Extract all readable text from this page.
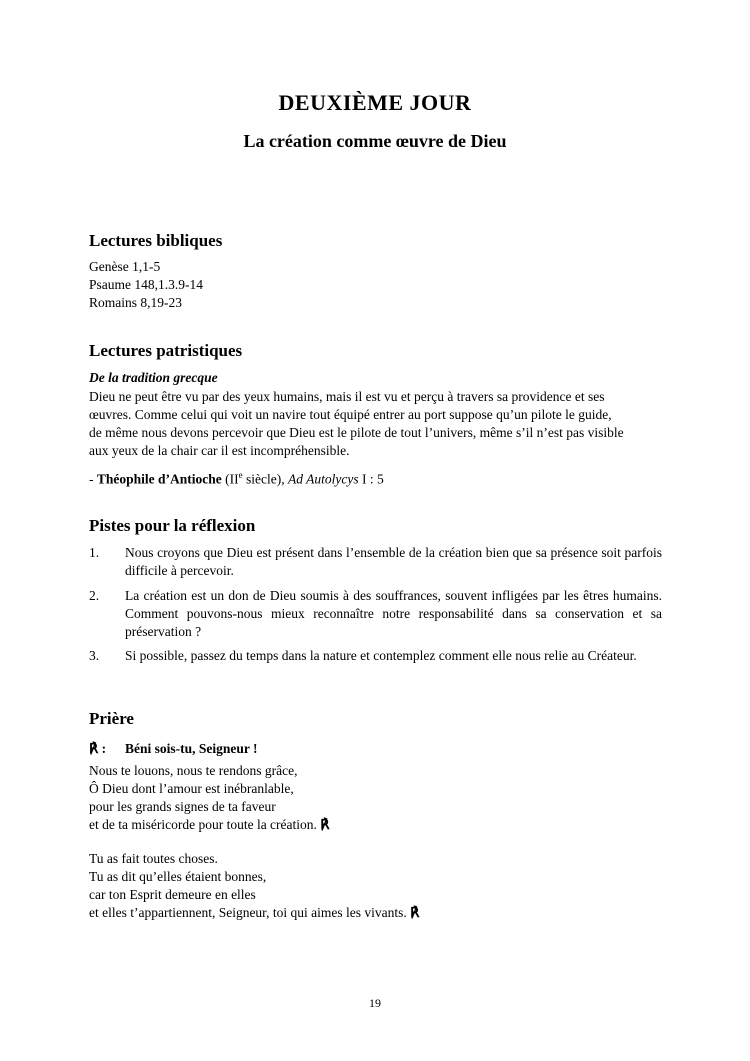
DEUXIÈME JOUR
La création comme œuvre de Dieu
Lectures bibliques
Genèse 1,1-5
Psaume 148,1.3.9-14
Romains 8,19-23
Lectures patristiques
De la tradition grecque
Dieu ne peut être vu par des yeux humains, mais il est vu et perçu à travers sa providence et ses
œuvres. Comme celui qui voit un navire tout équipé entrer au port suppose qu’un pilote le guide,
de même nous devons percevoir que Dieu est le pilote de tout l’univers, même s’il n’est pas visible
aux yeux de la chair car il est incompréhensible.
- Théophile d’Antioche (IIe siècle), Ad Autolycys I : 5
Pistes pour la réflexion
1. Nous croyons que Dieu est présent dans l’ensemble de la création bien que sa présence soit parfois difficile à percevoir.
2. La création est un don de Dieu soumis à des souffrances, souvent infligées par les êtres humains. Comment pouvons-nous mieux reconnaître notre responsabilité dans sa conservation et sa préservation ?
3. Si possible, passez du temps dans la nature et contemplez comment elle nous relie au Créateur.
Prière
℟ : Béni sois-tu, Seigneur !
Nous te louons, nous te rendons grâce,
Ô Dieu dont l’amour est inébranlable,
pour les grands signes de ta faveur
et de ta miséricorde pour toute la création. ℟
Tu as fait toutes choses.
Tu as dit qu’elles étaient bonnes,
car ton Esprit demeure en elles
et elles t’appartiennent, Seigneur, toi qui aimes les vivants. ℟
19
